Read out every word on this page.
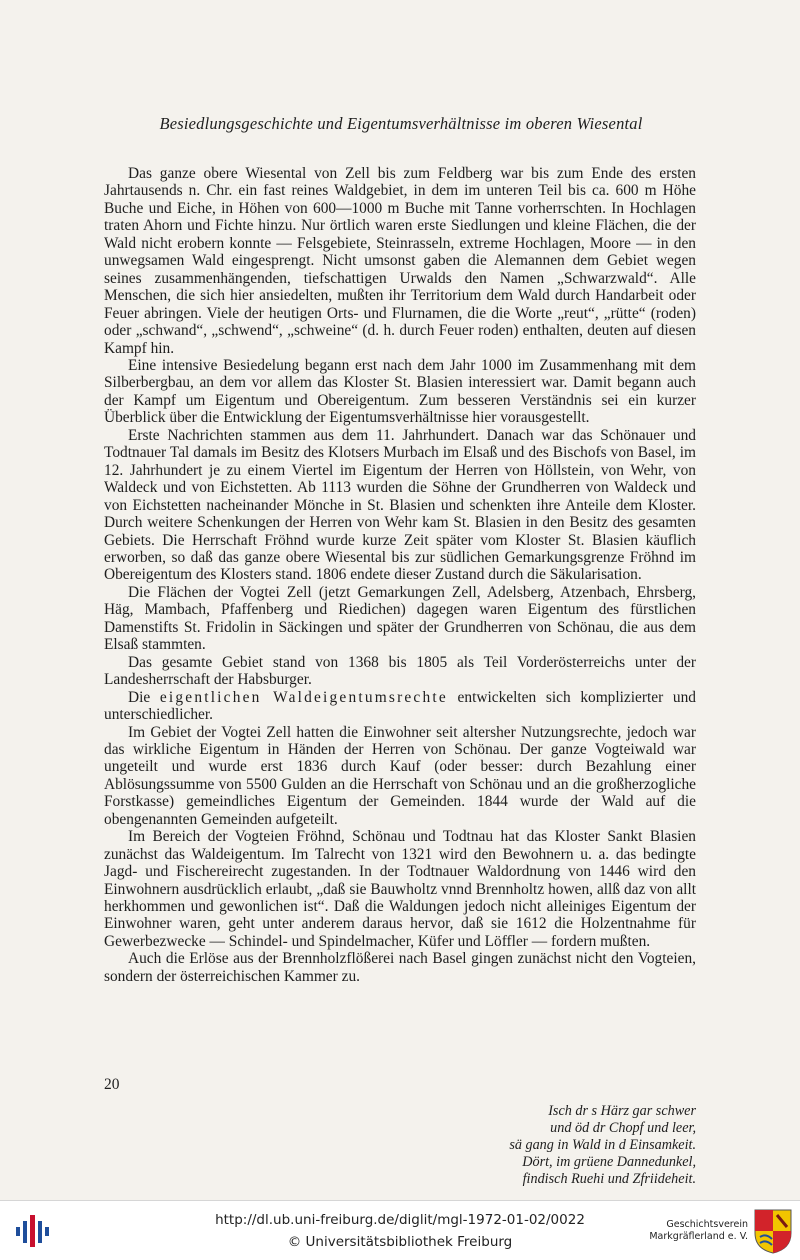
Besiedlungsgeschichte und Eigentumsverhältnisse im oberen Wiesental

Das ganze obere Wiesental von Zell bis zum Feldberg war bis zum Ende des ersten Jahrtausends n. Chr. ein fast reines Waldgebiet, in dem im unteren Teil bis ca. 600 m Höhe Buche und Eiche, in Höhen von 600—1000 m Buche mit Tanne vorherrschten. In Hochlagen traten Ahorn und Fichte hinzu. Nur örtlich waren erste Siedlungen und kleine Flächen, die der Wald nicht erobern konnte — Felsgebiete, Steinrasseln, extreme Hochlagen, Moore — in den unwegsamen Wald eingesprengt. Nicht umsonst gaben die Alemannen dem Gebiet wegen seines zusammenhängenden, tiefschattigen Urwalds den Namen „Schwarzwald“. Alle Menschen, die sich hier ansiedelten, mußten ihr Territorium dem Wald durch Handarbeit oder Feuer abringen. Viele der heutigen Orts- und Flurnamen, die die Worte „reut“, „rütte“ (roden) oder „schwand“, „schwend“, „schweine“ (d. h. durch Feuer roden) enthalten, deuten auf diesen Kampf hin.

Eine intensive Besiedelung begann erst nach dem Jahr 1000 im Zusammenhang mit dem Silberbergbau, an dem vor allem das Kloster St. Blasien interessiert war. Damit begann auch der Kampf um Eigentum und Obereigentum. Zum besseren Verständnis sei ein kurzer Überblick über die Entwicklung der Eigentumsverhältnisse hier vorausgestellt.

Erste Nachrichten stammen aus dem 11. Jahrhundert. Danach war das Schönauer und Todtnauer Tal damals im Besitz des Klotsers Murbach im Elsaß und des Bischofs von Basel, im 12. Jahrhundert je zu einem Viertel im Eigentum der Herren von Höllstein, von Wehr, von Waldeck und von Eichstetten. Ab 1113 wurden die Söhne der Grundherren von Waldeck und von Eichstetten nacheinander Mönche in St. Blasien und schenkten ihre Anteile dem Kloster. Durch weitere Schenkungen der Herren von Wehr kam St. Blasien in den Besitz des gesamten Gebiets. Die Herrschaft Fröhnd wurde kurze Zeit später vom Kloster St. Blasien käuflich erworben, so daß das ganze obere Wiesental bis zur südlichen Gemarkungsgrenze Fröhnd im Obereigentum des Klosters stand. 1806 endete dieser Zustand durch die Säkularisation.

Die Flächen der Vogtei Zell (jetzt Gemarkungen Zell, Adelsberg, Atzenbach, Ehrsberg, Häg, Mambach, Pfaffenberg und Riedichen) dagegen waren Eigentum des fürstlichen Damenstifts St. Fridolin in Säckingen und später der Grundherren von Schönau, die aus dem Elsaß stammten.

Das gesamte Gebiet stand von 1368 bis 1805 als Teil Vorderösterreichs unter der Landesherrschaft der Habsburger.

Die eigentlichen Waldeigentumsrechte entwickelten sich komplizierter und unterschiedlicher.

Im Gebiet der Vogtei Zell hatten die Einwohner seit altersher Nutzungsrechte, jedoch war das wirkliche Eigentum in Händen der Herren von Schönau. Der ganze Vogteiwald war ungeteilt und wurde erst 1836 durch Kauf (oder besser: durch Bezahlung einer Ablösungssumme von 5500 Gulden an die Herrschaft von Schönau und an die großherzogliche Forstkasse) gemeindliches Eigentum der Gemeinden. 1844 wurde der Wald auf die obengenannten Gemeinden aufgeteilt.

Im Bereich der Vogteien Fröhnd, Schönau und Todtnau hat das Kloster Sankt Blasien zunächst das Waldeigentum. Im Talrecht von 1321 wird den Bewohnern u. a. das bedingte Jagd- und Fischereirecht zugestanden. In der Todtnauer Waldordnung von 1446 wird den Einwohnern ausdrücklich erlaubt, „daß sie Bauwholtz vnnd Brennholtz howen, allß daz von allt herkhommen und gewonlichen ist“. Daß die Waldungen jedoch nicht alleiniges Eigentum der Einwohner waren, geht unter anderem daraus hervor, daß sie 1612 die Holzentnahme für Gewerbezwecke — Schindel- und Spindelmacher, Küfer und Löffler — fordern mußten.

Auch die Erlöse aus der Brennholzflößerei nach Basel gingen zunächst nicht den Vogteien, sondern der österreichischen Kammer zu.

20
Isch dr s Härz gar schwer
und öd dr Chopf und leer,
sä gang in Wald in d Einsamkeit.
Dört, im grüene Dannedunkel,
findisch Ruehi und Zfriideheit.
http://dl.ub.uni-freiburg.de/diglit/mgl-1972-01-02/0022
© Universitätsbibliothek Freiburg
Geschichtsverein
Markgräflerland e. V.
